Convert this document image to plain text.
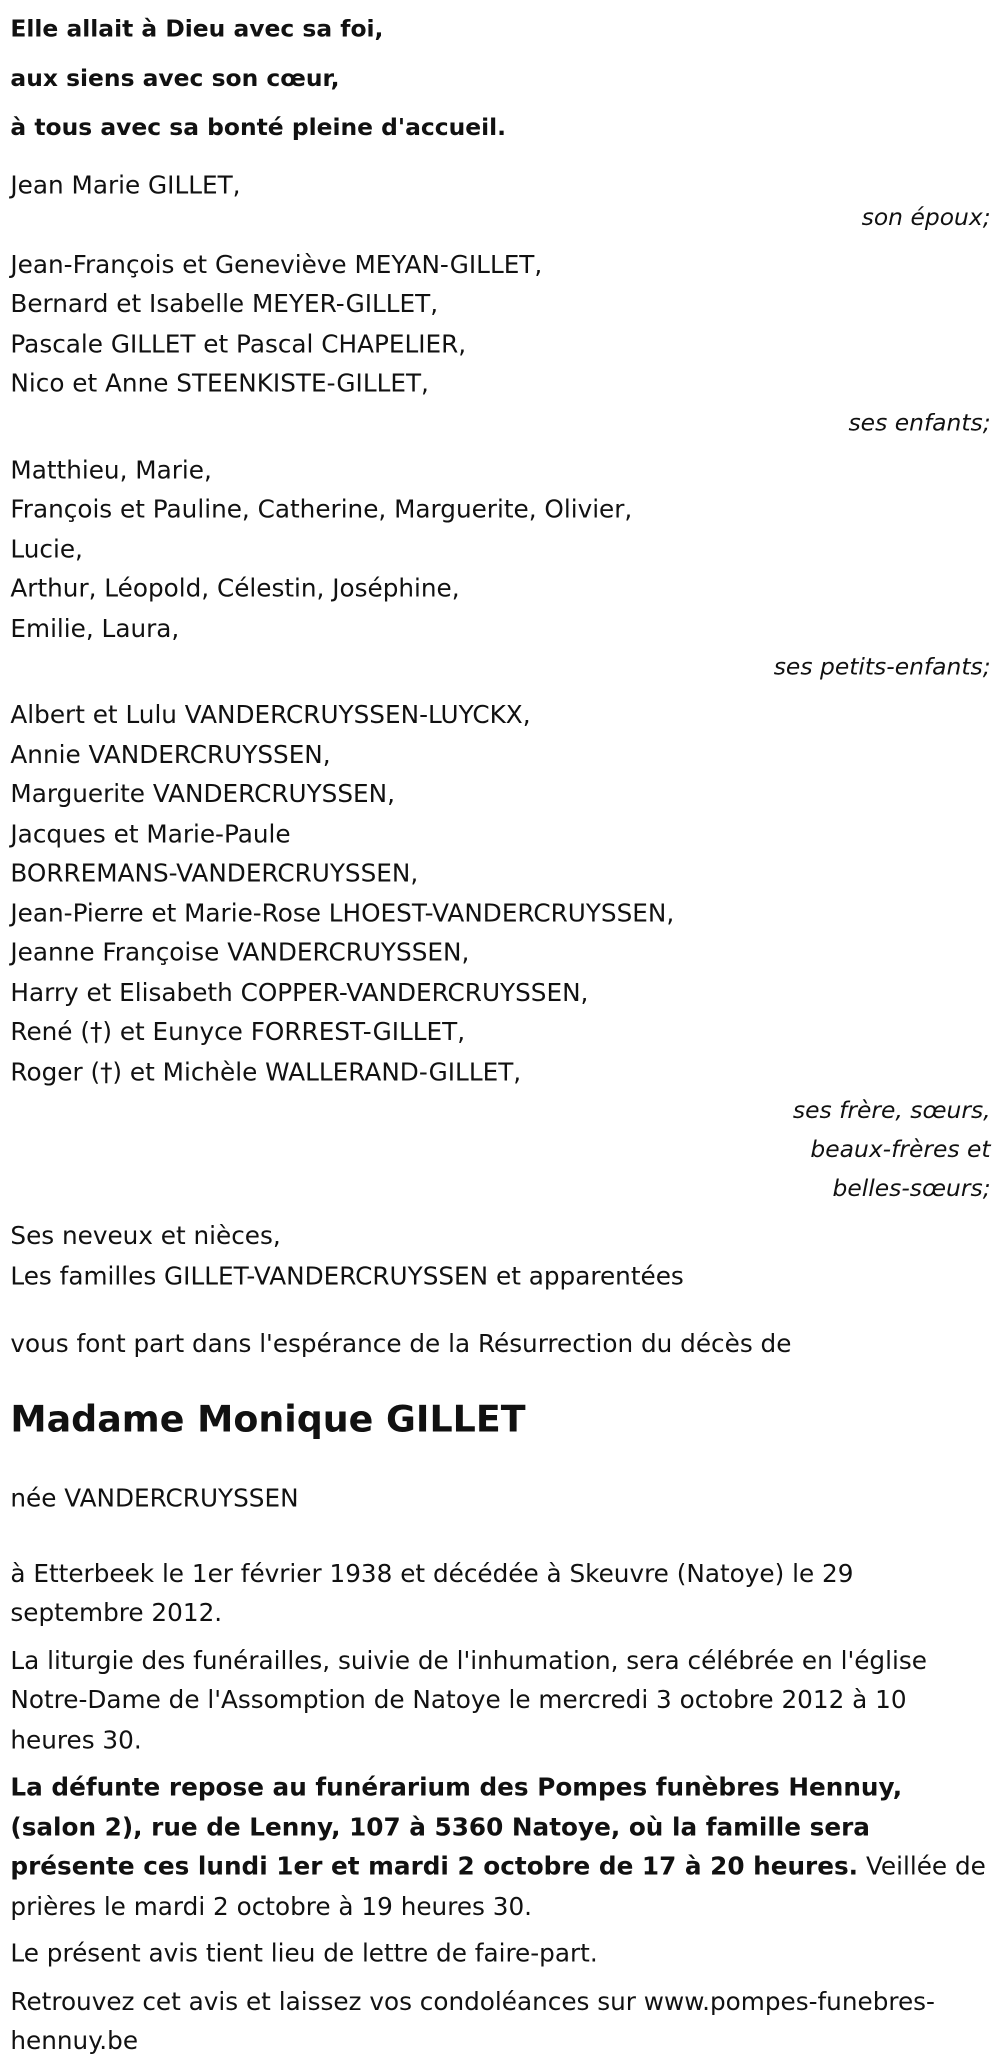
Elle allait à Dieu avec sa foi,

aux siens avec son cœur,

à tous avec sa bonté pleine d'accueil.

Jean Marie GILLET,

son époux;

Jean-François et Geneviève MEYAN-GILLET,

Bernard et Isabelle MEYER-GILLET,

Pascale GILLET et Pascal CHAPELIER,

Nico et Anne STEENKISTE-GILLET,

ses enfants;

Matthieu, Marie,

François et Pauline, Catherine, Marguerite, Olivier,

Lucie,

Arthur, Léopold, Célestin, Joséphine,

Emilie, Laura,

ses petits-enfants;

Albert et Lulu VANDERCRUYSSEN-LUYCKX,

Annie VANDERCRUYSSEN,

Marguerite VANDERCRUYSSEN,

Jacques et Marie-Paule

BORREMANS-VANDERCRUYSSEN,

Jean-Pierre et Marie-Rose LHOEST-VANDERCRUYSSEN,

Jeanne Françoise VANDERCRUYSSEN,

Harry et Elisabeth COPPER-VANDERCRUYSSEN,

René (†) et Eunyce FORREST-GILLET,

Roger (†) et Michèle WALLERAND-GILLET,

ses frère, sœurs,

beaux-frères et

belles-sœurs;

Ses neveux et nièces,

Les familles GILLET-VANDERCRUYSSEN et apparentées

vous font part dans l'espérance de la Résurrection du décès de

Madame Monique GILLET

née VANDERCRUYSSEN

à Etterbeek le 1er février 1938 et décédée à Skeuvre (Natoye) le 29 septembre 2012.

La liturgie des funérailles, suivie de l'inhumation, sera célébrée en l'église Notre-Dame de l'Assomption de Natoye le mercredi 3 octobre 2012 à 10 heures 30.

La défunte repose au funérarium des Pompes funèbres Hennuy, (salon 2), rue de Lenny, 107 à 5360 Natoye, où la famille sera présente ces lundi 1er et mardi 2 octobre de 17 à 20 heures. Veillée de prières le mardi 2 octobre à 19 heures 30.

Le présent avis tient lieu de lettre de faire-part.

Retrouvez cet avis et laissez vos condoléances sur www.pompes-funebres-hennuy.be
